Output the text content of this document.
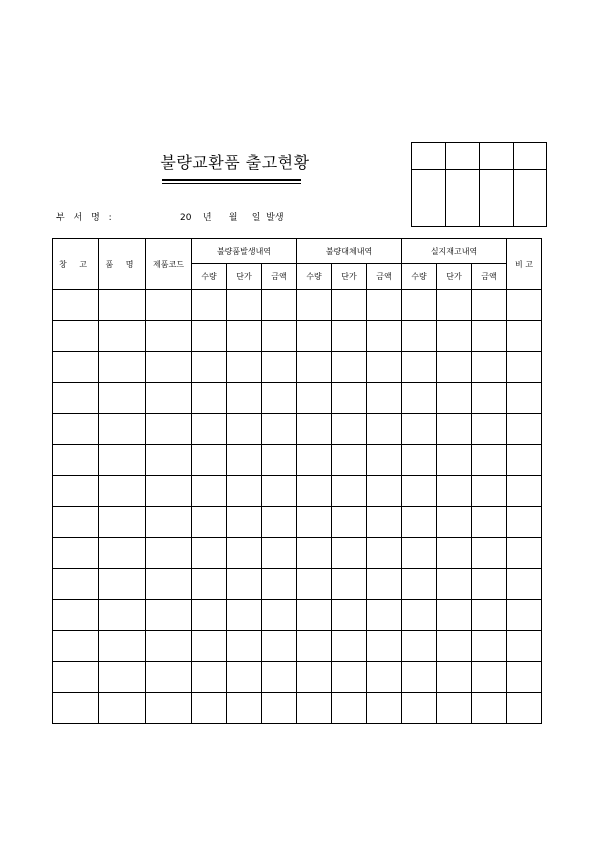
불량교환품 출고현황

부 서 명 :	20    년      월     일  발생
창 고	품 명	제품코드	불량품발생내역			불량대체내역			실지재고내역			비 고
			수량	단가	금액	수량	단가	금액	수량	단가	금액	
